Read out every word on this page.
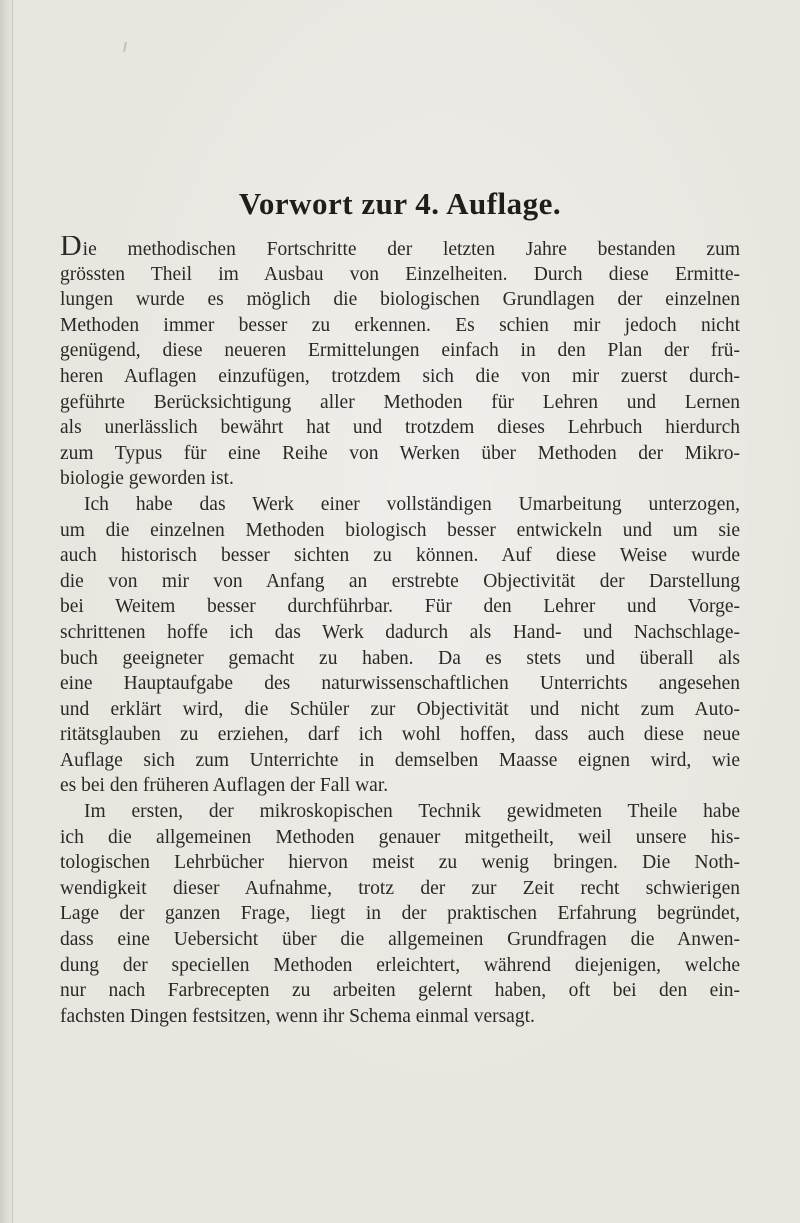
Vorwort zur 4. Auflage.
Die methodischen Fortschritte der letzten Jahre bestanden zum
grössten Theil im Ausbau von Einzelheiten. Durch diese Ermitte-
lungen wurde es möglich die biologischen Grundlagen der einzelnen
Methoden immer besser zu erkennen. Es schien mir jedoch nicht
genügend, diese neueren Ermittelungen einfach in den Plan der frü-
heren Auflagen einzufügen, trotzdem sich die von mir zuerst durch-
geführte Berücksichtigung aller Methoden für Lehren und Lernen
als unerlässlich bewährt hat und trotzdem dieses Lehrbuch hierdurch
zum Typus für eine Reihe von Werken über Methoden der Mikro-
biologie geworden ist.
Ich habe das Werk einer vollständigen Umarbeitung unterzogen,
um die einzelnen Methoden biologisch besser entwickeln und um sie
auch historisch besser sichten zu können. Auf diese Weise wurde
die von mir von Anfang an erstrebte Objectivität der Darstellung
bei Weitem besser durchführbar. Für den Lehrer und Vorge-
schrittenen hoffe ich das Werk dadurch als Hand- und Nachschlage-
buch geeigneter gemacht zu haben. Da es stets und überall als
eine Hauptaufgabe des naturwissenschaftlichen Unterrichts angesehen
und erklärt wird, die Schüler zur Objectivität und nicht zum Auto-
ritätsglauben zu erziehen, darf ich wohl hoffen, dass auch diese neue
Auflage sich zum Unterrichte in demselben Maasse eignen wird, wie
es bei den früheren Auflagen der Fall war.
Im ersten, der mikroskopischen Technik gewidmeten Theile habe
ich die allgemeinen Methoden genauer mitgetheilt, weil unsere his-
tologischen Lehrbücher hiervon meist zu wenig bringen. Die Noth-
wendigkeit dieser Aufnahme, trotz der zur Zeit recht schwierigen
Lage der ganzen Frage, liegt in der praktischen Erfahrung begründet,
dass eine Uebersicht über die allgemeinen Grundfragen die Anwen-
dung der speciellen Methoden erleichtert, während diejenigen, welche
nur nach Farbrecepten zu arbeiten gelernt haben, oft bei den ein-
fachsten Dingen festsitzen, wenn ihr Schema einmal versagt.
